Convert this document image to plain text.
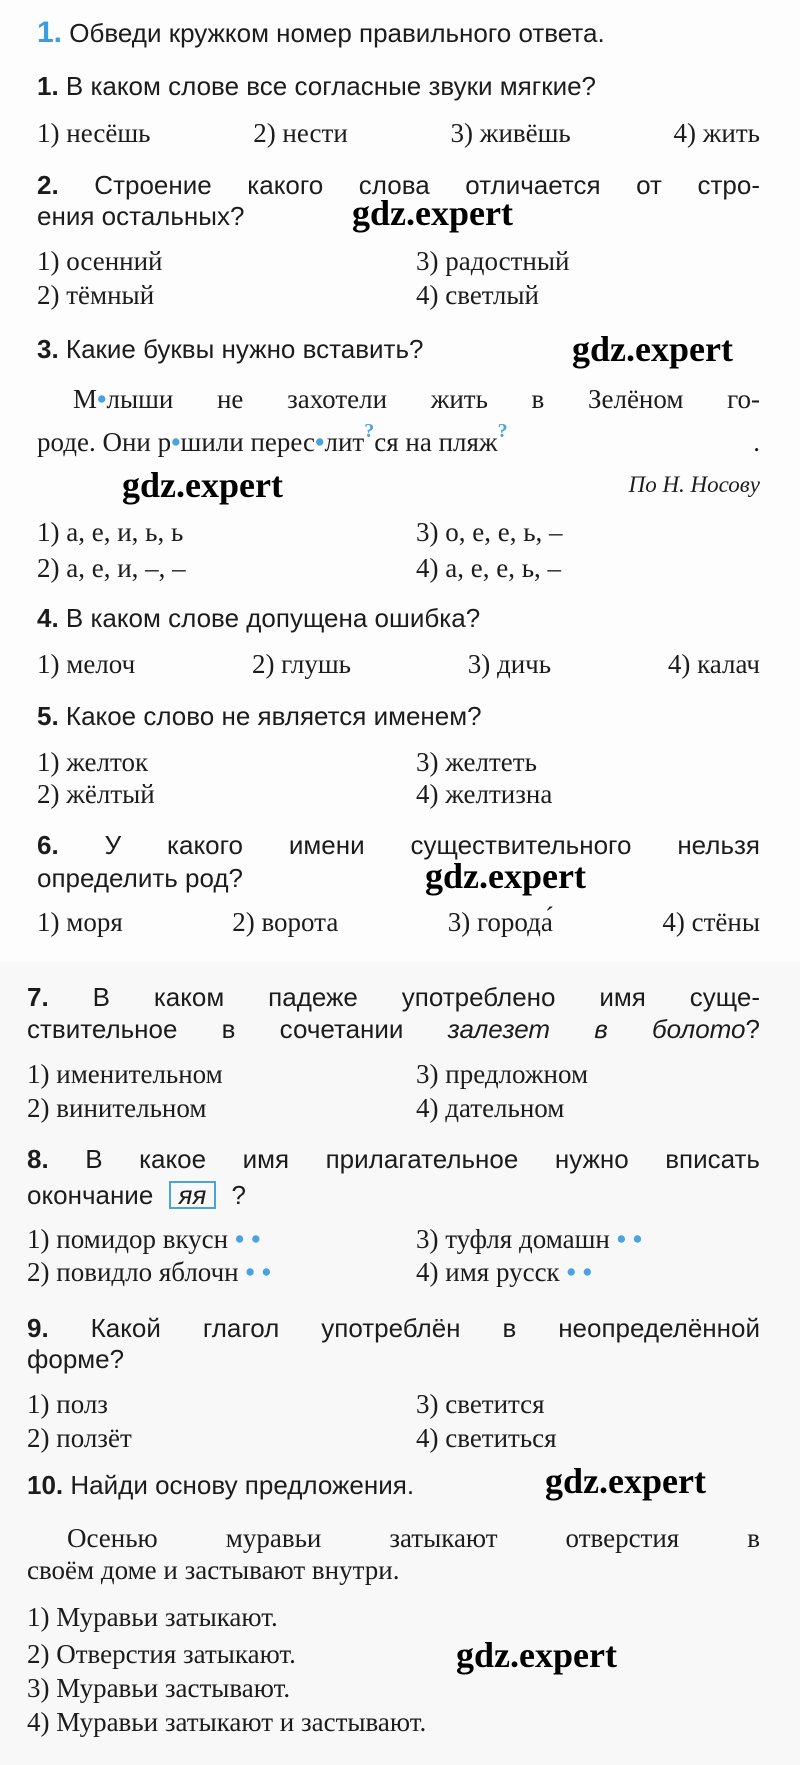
1. Обведи кружком номер правильного ответа.
1. В каком слове все согласные звуки мягкие?
1) несёшь	2) нести	3) живёшь	4) жить
2. Строение какого слова отличается от стро-
ения остальных?	gdz.expert
1) осенний	3) радостный
2) тёмный	4) светлый
3. Какие буквы нужно вставить?	gdz.expert
М•лыши не захотели жить в Зелёном го-
роде. Они р•шили перес•лит?ся на пляж?	.
gdz.expert	По Н. Носову
1) а, е, и, ь, ь	3) о, е, е, ь, –
2) а, е, и, –, –	4) а, е, е, ь, –
4. В каком слове допущена ошибка?
1) мелоч	2) глушь	3) дичь	4) калач
5. Какое слово не является именем?
1) желток	3) желтеть
2) жёлтый	4) желтизна
6. У какого имени существительного нельзя
определить род?	gdz.expert
1) моря	2) ворота	3) города́	4) стёны
7. В каком падеже употреблено имя суще-
ствительное в сочетании залезет в болото?
1) именительном	3) предложном
2) винительном	4) дательном
8. В какое имя прилагательное нужно вписать
окончание яя ?
1) помидор вкусн • •	3) туфля домашн • •
2) повидло яблочн • •	4) имя русск • •
9. Какой глагол употреблён в неопределённой
форме?
1) полз	3) светится
2) ползёт	4) светиться
10. Найди основу предложения.	gdz.expert
Осенью муравьи затыкают отверстия в
своём доме и застывают внутри.
1) Муравьи затыкают.
2) Отверстия затыкают.	gdz.expert
3) Муравьи застывают.
4) Муравьи затыкают и застывают.
